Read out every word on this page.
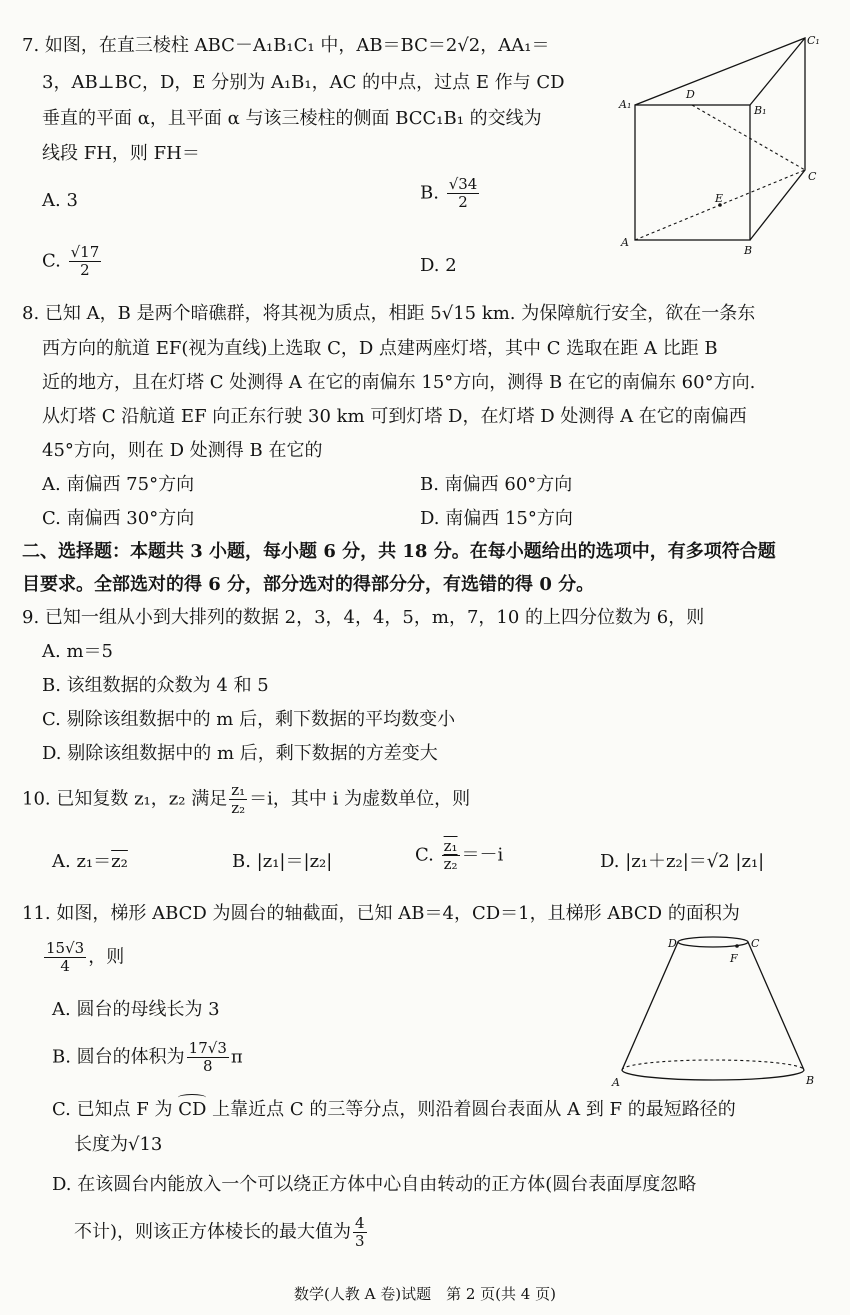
7. 如图，在直三棱柱 ABC－A₁B₁C₁ 中，AB＝BC＝2√2，AA₁＝
3，AB⊥BC，D，E 分别为 A₁B₁，AC 的中点，过点 E 作与 CD
垂直的平面 α，且平面 α 与该三棱柱的侧面 BCC₁B₁ 的交线为
线段 FH，则 FH＝
A. 3	B. $\frac{√34}{2}$
C. $\frac{√17}{2}$	D. 2
A₁
D
B₁
C₁
C
E
A
B
8. 已知 A，B 是两个暗礁群，将其视为质点，相距 5√15 km. 为保障航行安全，欲在一条东
西方向的航道 EF(视为直线)上选取 C，D 点建两座灯塔，其中 C 选取在距 A 比距 B
近的地方，且在灯塔 C 处测得 A 在它的南偏东 15°方向，测得 B 在它的南偏东 60°方向.
从灯塔 C 沿航道 EF 向正东行驶 30 km 可到灯塔 D，在灯塔 D 处测得 A 在它的南偏西
45°方向，则在 D 处测得 B 在它的
A. 南偏西 75°方向	B. 南偏西 60°方向
C. 南偏西 30°方向	D. 南偏西 15°方向
二、选择题：本题共 3 小题，每小题 6 分，共 18 分。在每小题给出的选项中，有多项符合题
目要求。全部选对的得 6 分，部分选对的得部分分，有选错的得 0 分。
9. 已知一组从小到大排列的数据 2，3，4，4，5，m，7，10 的上四分位数为 6，则
A. m＝5
B. 该组数据的众数为 4 和 5
C. 剔除该组数据中的 m 后，剩下数据的平均数变小
D. 剔除该组数据中的 m 后，剩下数据的方差变大
10. 已知复数 z₁，z₂ 满足 $\frac{\text{z₁}}{\text{z₂}} =i$，其中 i 为虚数单位，则
A. z₁＝z₂	B. |z₁|＝|z₂|	C. $\frac{\text{z₁}}{\text{z₂}} =-i$	D. |z₁＋z₂|＝√2 |z₁|
11. 如图，梯形 ABCD 为圆台的轴截面，已知 AB＝4，CD＝1，且梯形 ABCD 的面积为
$\frac{15√3}{4}$ ，则
A. 圆台的母线长为 3
B. 圆台的体积为 $\frac{17√3}{8}$ π
C. 已知点 F 为
CD 上靠近点 C 的三等分点，则沿着圆台表面从 A 到 F 的最短路径的
长度为√13
D. 在该圆台内能放入一个可以绕正方体中心自由转动的正方体(圆台表面厚度忽略
不计)，则该正方体棱长的最大值为 $\frac{4}{3}$
D	C
F
A	B
数学(人教 A 卷)试题　第 2 页(共 4 页)
